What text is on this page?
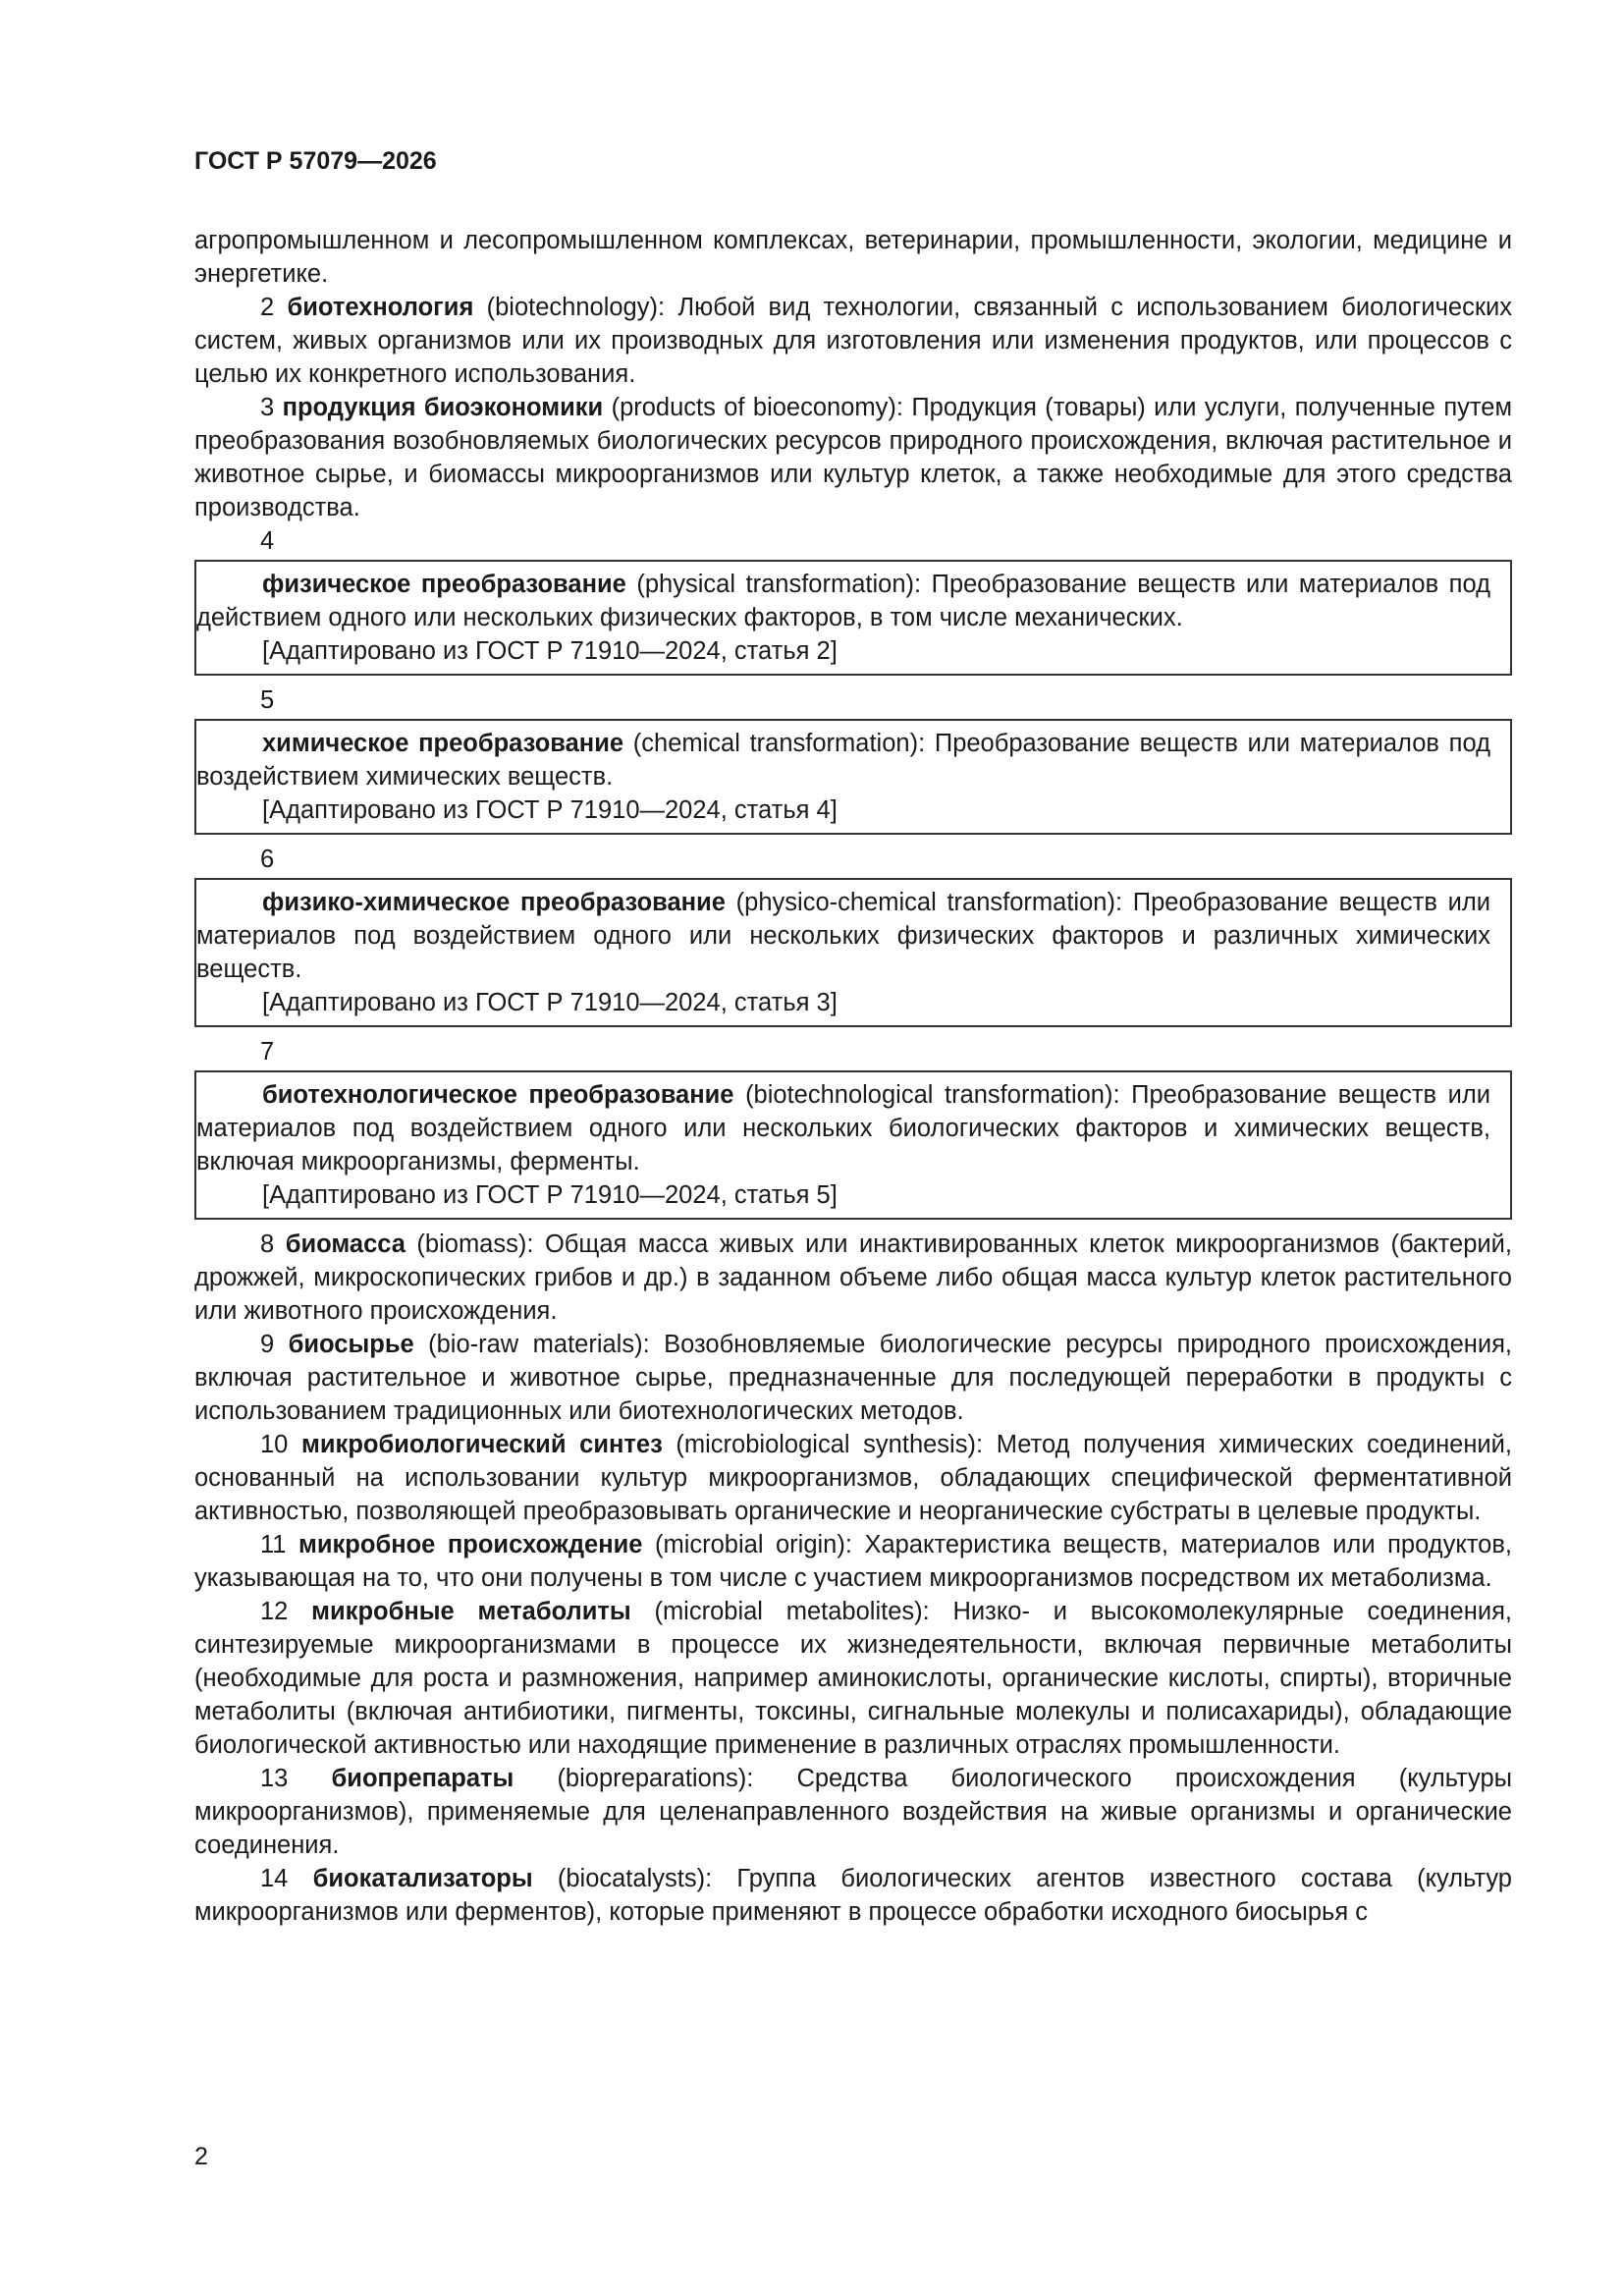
ГОСТ Р 57079—2026

агропромышленном и лесопромышленном комплексах, ветеринарии, промышленности, экологии, медицине и энергетике.

2 биотехнология (biotechnology): Любой вид технологии, связанный с использованием биологических систем, живых организмов или их производных для изготовления или изменения продуктов, или процессов с целью их конкретного использования.

3 продукция биоэкономики (products of bioeconomy): Продукция (товары) или услуги, полученные путем преобразования возобновляемых биологических ресурсов природного происхождения, включая растительное и животное сырье, и биомассы микроорганизмов или культур клеток, а также необходимые для этого средства производства.

4

физическое преобразование (physical transformation): Преобразование веществ или материалов под действием одного или нескольких физических факторов, в том числе механических.

[Адаптировано из ГОСТ Р 71910—2024, статья 2]

5

химическое преобразование (chemical transformation): Преобразование веществ или материалов под воздействием химических веществ.

[Адаптировано из ГОСТ Р 71910—2024, статья 4]

6

физико-химическое преобразование (physico-chemical transformation): Преобразование веществ или материалов под воздействием одного или нескольких физических факторов и различных химических веществ.

[Адаптировано из ГОСТ Р 71910—2024, статья 3]

7

биотехнологическое преобразование (biotechnological transformation): Преобразование веществ или материалов под воздействием одного или нескольких биологических факторов и химических веществ, включая микроорганизмы, ферменты.

[Адаптировано из ГОСТ Р 71910—2024, статья 5]

8 биомасса (biomass): Общая масса живых или инактивированных клеток микроорганизмов (бактерий, дрожжей, микроскопических грибов и др.) в заданном объеме либо общая масса культур клеток растительного или животного происхождения.

9 биосырье (bio-raw materials): Возобновляемые биологические ресурсы природного происхождения, включая растительное и животное сырье, предназначенные для последующей переработки в продукты с использованием традиционных или биотехнологических методов.

10 микробиологический синтез (microbiological synthesis): Метод получения химических соединений, основанный на использовании культур микроорганизмов, обладающих специфической ферментативной активностью, позволяющей преобразовывать органические и неорганические субстраты в целевые продукты.

11 микробное происхождение (microbial origin): Характеристика веществ, материалов или продуктов, указывающая на то, что они получены в том числе с участием микроорганизмов посредством их метаболизма.

12 микробные метаболиты (microbial metabolites): Низко- и высокомолекулярные соединения, синтезируемые микроорганизмами в процессе их жизнедеятельности, включая первичные метаболиты (необходимые для роста и размножения, например аминокислоты, органические кислоты, спирты), вторичные метаболиты (включая антибиотики, пигменты, токсины, сигнальные молекулы и полисахариды), обладающие биологической активностью или находящие применение в различных отраслях промышленности.

13 биопрепараты (biopreparations): Средства биологического происхождения (культуры микроорганизмов), применяемые для целенаправленного воздействия на живые организмы и органические соединения.

14 биокатализаторы (biocatalysts): Группа биологических агентов известного состава (культур микроорганизмов или ферментов), которые применяют в процессе обработки исходного биосырья с

2
